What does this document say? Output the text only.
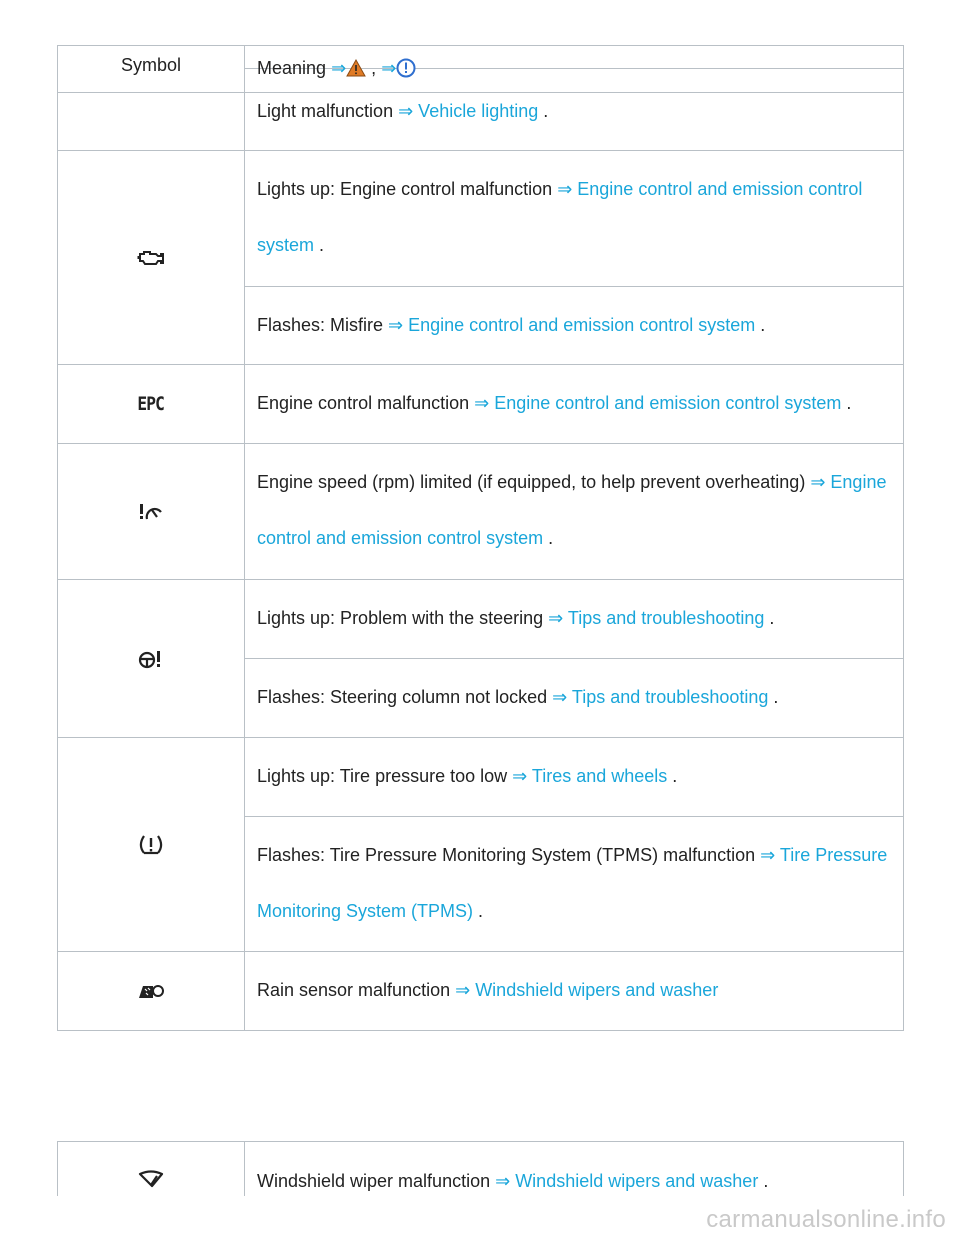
Symbol	Meaning
⇒
,
⇒
Light malfunction ⇒ Vehicle lighting .
Lights up: Engine control malfunction ⇒ Engine control and emission control system .
Flashes: Misfire ⇒ Engine control and emission control system .
EPC	Engine control malfunction ⇒ Engine control and emission control system .
Engine speed (rpm) limited (if equipped, to help prevent overheating) ⇒ Engine control and emission control system .
Lights up: Problem with the steering ⇒ Tips and troubleshooting .
Flashes: Steering column not locked ⇒ Tips and troubleshooting .
Lights up: Tire pressure too low ⇒ Tires and wheels .
Flashes: Tire Pressure Monitoring System (TPMS) malfunction ⇒ Tire Pressure Monitoring System (TPMS) .
Rain sensor malfunction ⇒ Windshield wipers and washer
Windshield wiper malfunction ⇒ Windshield wipers and washer .
carmanualsonline.info
